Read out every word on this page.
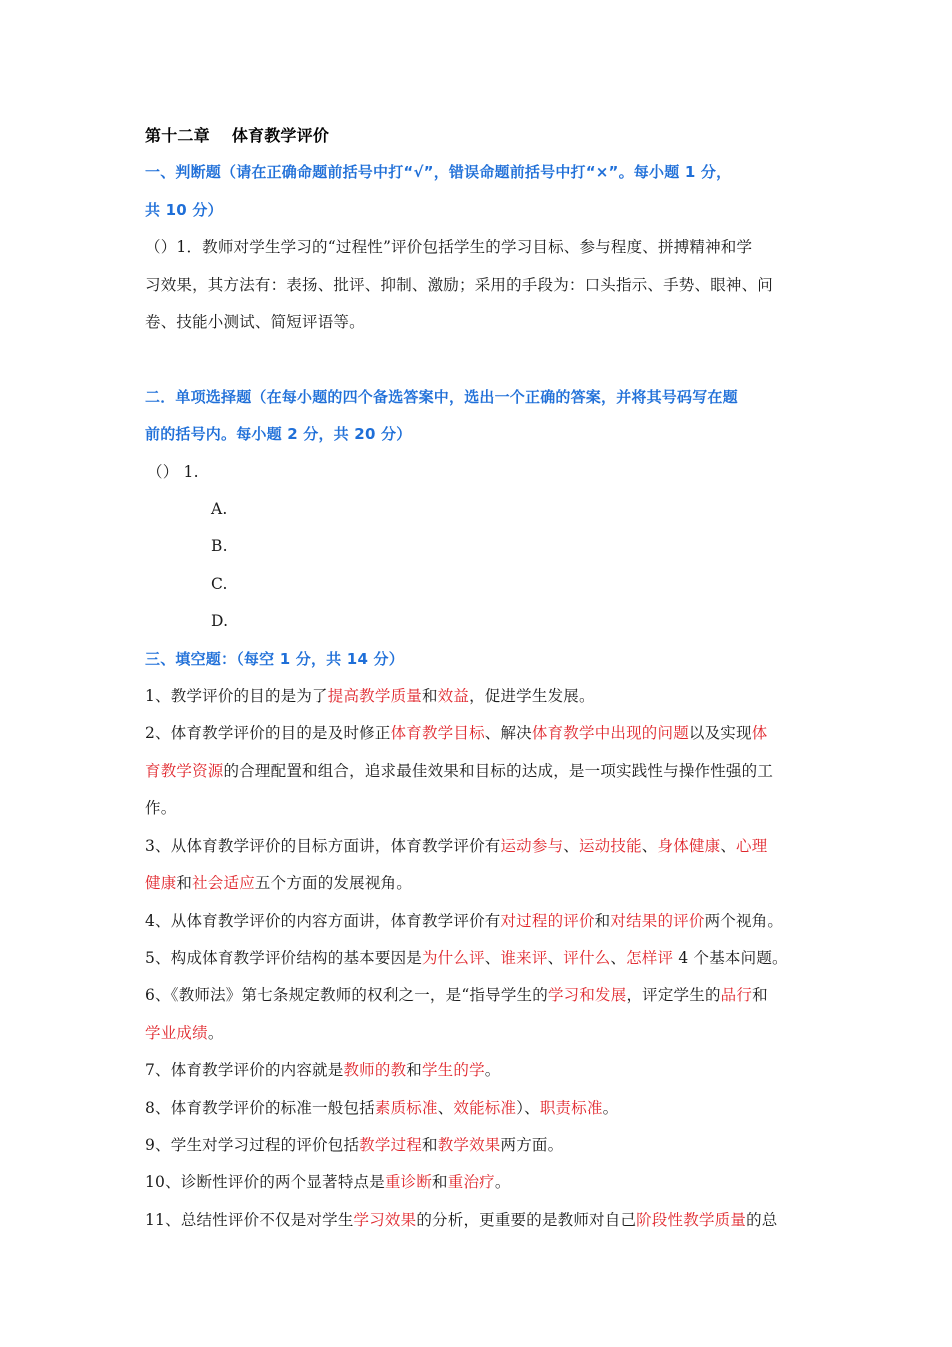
第十二章 体育教学评价
一、判断题（请在正确命题前括号中打“√”，错误命题前括号中打“×”。每小题 1 分，
共 10 分）
（）1．教师对学生学习的“过程性”评价包括学生的学习目标、参与程度、拼搏精神和学
习效果，其方法有：表扬、批评、抑制、激励；采用的手段为：口头指示、手势、眼神、问
卷、技能小测试、简短评语等。
二．单项选择题（在每小题的四个备选答案中，选出一个正确的答案，并将其号码写在题
前的括号内。每小题 2 分，共 20 分）
（） 1.
A.
B.
C.
D.
三、填空题：（每空 1 分，共 14 分）
1、教学评价的目的是为了提高教学质量和效益，促进学生发展。
2、体育教学评价的目的是及时修正体育教学目标、解决体育教学中出现的问题以及实现体
育教学资源的合理配置和组合，追求最佳效果和目标的达成，是一项实践性与操作性强的工
作。
3、从体育教学评价的目标方面讲，体育教学评价有运动参与、运动技能、身体健康、心理
健康和社会适应五个方面的发展视角。
4、从体育教学评价的内容方面讲，体育教学评价有对过程的评价和对结果的评价两个视角。
5、构成体育教学评价结构的基本要因是为什么评、谁来评、评什么、怎样评 4 个基本问题。
6、《教师法》第七条规定教师的权利之一，是“指导学生的学习和发展，评定学生的品行和
学业成绩。
7、体育教学评价的内容就是教师的教和学生的学。
8、体育教学评价的标准一般包括素质标准、效能标准）、职责标准。
9、学生对学习过程的评价包括教学过程和教学效果两方面。
10、诊断性评价的两个显著特点是重诊断和重治疗。
11、总结性评价不仅是对学生学习效果的分析，更重要的是教师对自己阶段性教学质量的总
